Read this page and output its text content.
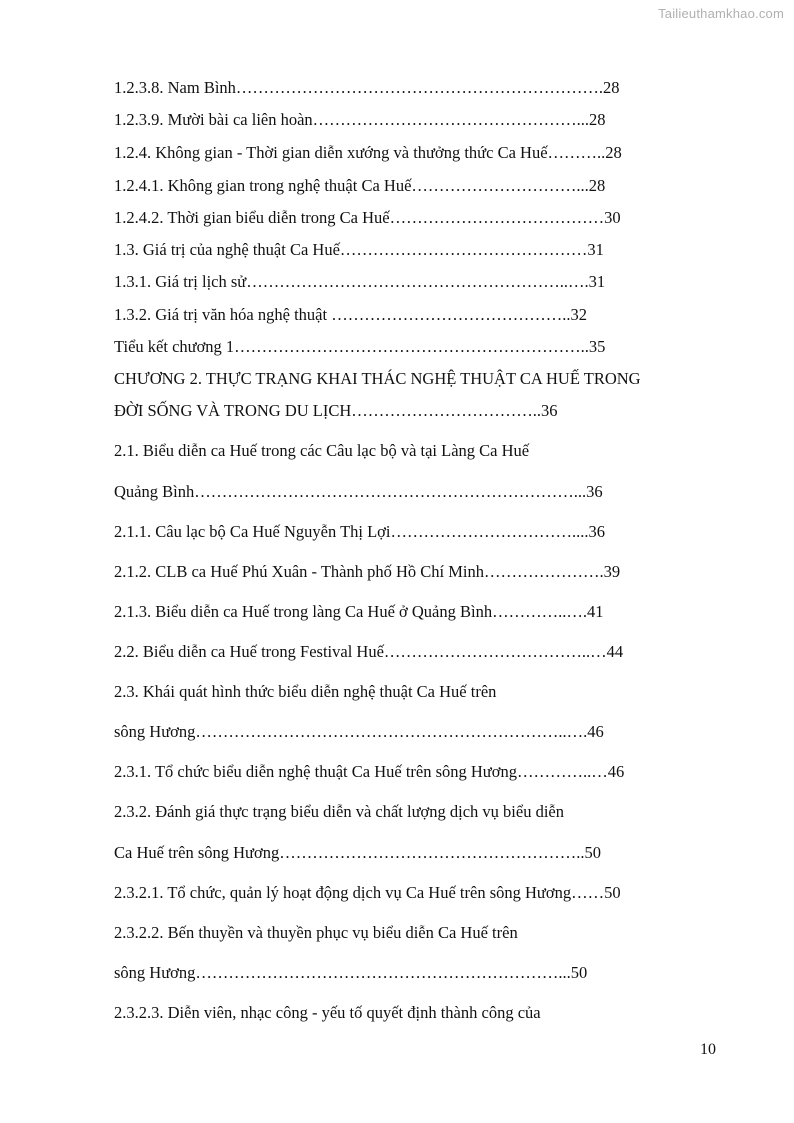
Tailieuthamkhao.com
1.2.3.8. Nam Bình………………………………………………………….28
1.2.3.9. Mười bài ca liên hoàn…………………………………………...28
1.2.4. Không gian - Thời gian diễn xướng và thưởng thức Ca Huế………..28
1.2.4.1. Không gian trong nghệ thuật Ca Huế…………………………...28
1.2.4.2. Thời gian biểu diễn trong Ca Huế…………………………………30
1.3. Giá trị của nghệ thuật Ca Huế………………………………………31
1.3.1. Giá trị lịch sử…………………………………………………..….31
1.3.2. Giá trị văn hóa nghệ thuật ……………………………………..32
Tiểu kết chương 1………………………………………………………..35
CHƯƠNG 2. THỰC TRẠNG KHAI THÁC NGHỆ THUẬT CA HUẾ TRONG
ĐỜI SỐNG VÀ TRONG DU LỊCH……………………………..36
2.1. Biểu diễn ca Huế trong các Câu lạc bộ và tại Làng Ca Huế
Quảng Bình……………………………………………………………...36
2.1.1. Câu lạc bộ Ca Huế Nguyễn Thị Lợi……………………………....36
2.1.2. CLB ca Huế Phú Xuân - Thành phố Hồ Chí Minh………………….39
2.1.3. Biểu diễn ca Huế trong làng Ca Huế ở Quảng Bình…………..….41
2.2. Biểu diễn ca Huế trong Festival Huế………………………………..…44
2.3. Khái quát hình thức biểu diễn nghệ thuật Ca Huế trên
sông Hương…………………………………………………………..….46
2.3.1. Tổ chức biểu diễn nghệ thuật Ca Huế trên sông Hương…………..…46
2.3.2. Đánh giá thực trạng biểu diễn và chất lượng dịch vụ biểu diễn
Ca Huế trên sông Hương………………………………………………..50
2.3.2.1. Tổ chức, quản lý hoạt động dịch vụ Ca Huế trên sông Hương……50
2.3.2.2. Bến thuyền và thuyền phục vụ biểu diễn Ca Huế trên
sông Hương…………………………………………………………...50
2.3.2.3. Diễn viên, nhạc công - yếu tố quyết định thành công của
10
